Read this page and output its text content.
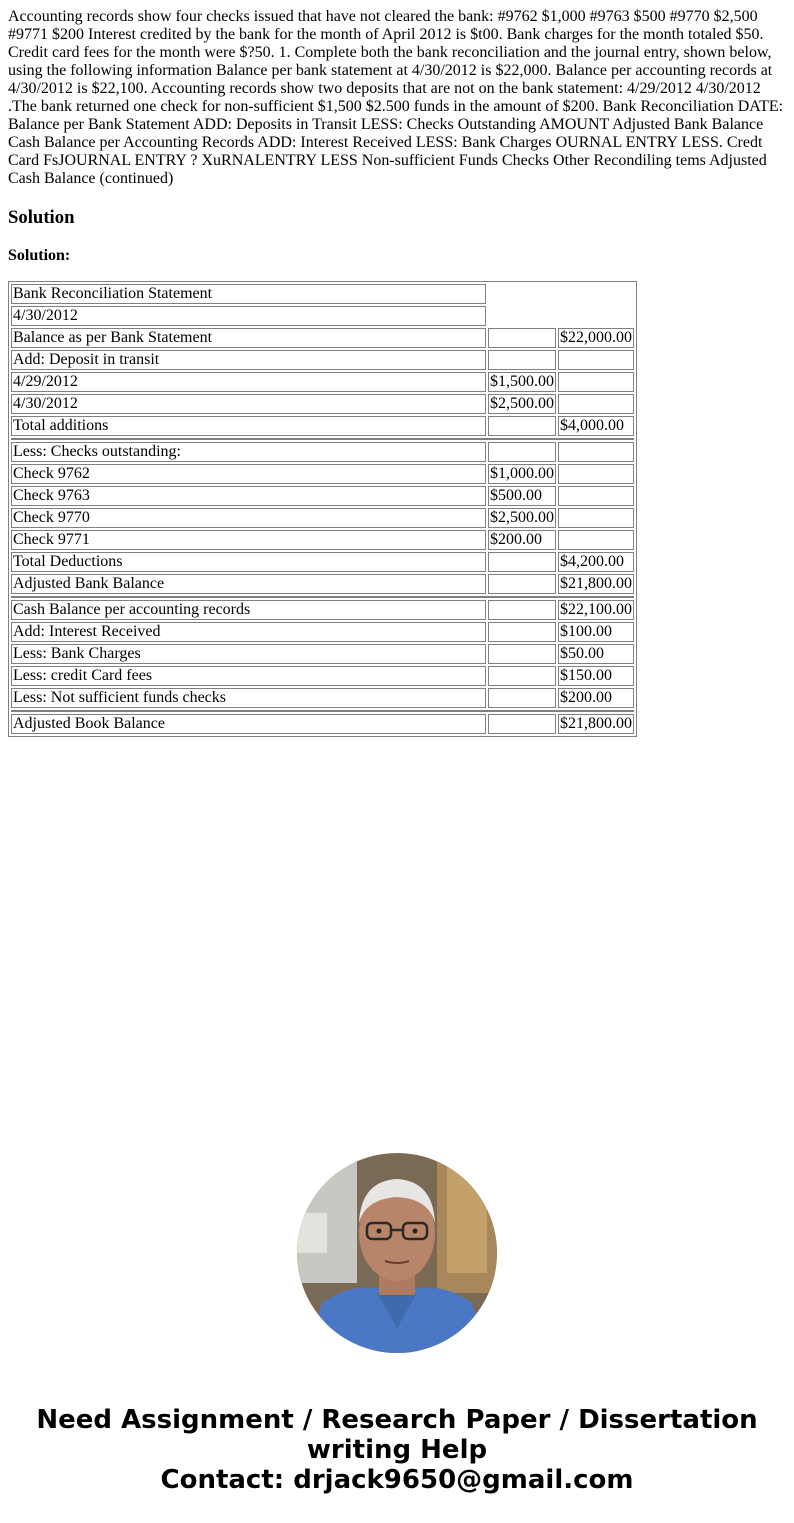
Accounting records show four checks issued that have not cleared the bank: #9762 $1,000 #9763 $500 #9770 $2,500 #9771 $200 Interest credited by the bank for the month of April 2012 is $t00. Bank charges for the month totaled $50. Credit card fees for the month were $?50. 1. Complete both the bank reconciliation and the journal entry, shown below, using the following information Balance per bank statement at 4/30/2012 is $22,000. Balance per accounting records at 4/30/2012 is $22,100. Accounting records show two deposits that are not on the bank statement: 4/29/2012 4/30/2012 .The bank returned one check for non-sufficient $1,500 $2.500 funds in the amount of $200. Bank Reconciliation DATE: Balance per Bank Statement ADD: Deposits in Transit LESS: Checks Outstanding AMOUNT Adjusted Bank Balance Cash Balance per Accounting Records ADD: Interest Received LESS: Bank Charges OURNAL ENTRY LESS. Credt Card FsJOURNAL ENTRY ? XuRNALENTRY LESS Non-sufficient Funds Checks Other Recondiling tems Adjusted Cash Balance (continued)

Solution

Solution:

Bank Reconciliation Statement		
4/30/2012		
Balance as per Bank Statement		$22,000.00
Add: Deposit in transit		
4/29/2012	$1,500.00	
4/30/2012	$2,500.00	
Total additions		$4,000.00

Less: Checks outstanding:		
Check 9762	$1,000.00	
Check 9763	$500.00	
Check 9770	$2,500.00	
Check 9771	$200.00	
Total Deductions		$4,200.00
Adjusted Bank Balance		$21,800.00

Cash Balance per accounting records		$22,100.00
Add: Interest Received		$100.00
Less: Bank Charges		$50.00
Less: credit Card fees		$150.00
Less: Not sufficient funds checks		$200.00

Adjusted Book Balance		$21,800.00
Need Assignment / Research Paper / Dissertation
writing Help
Contact: drjack9650@gmail.com
